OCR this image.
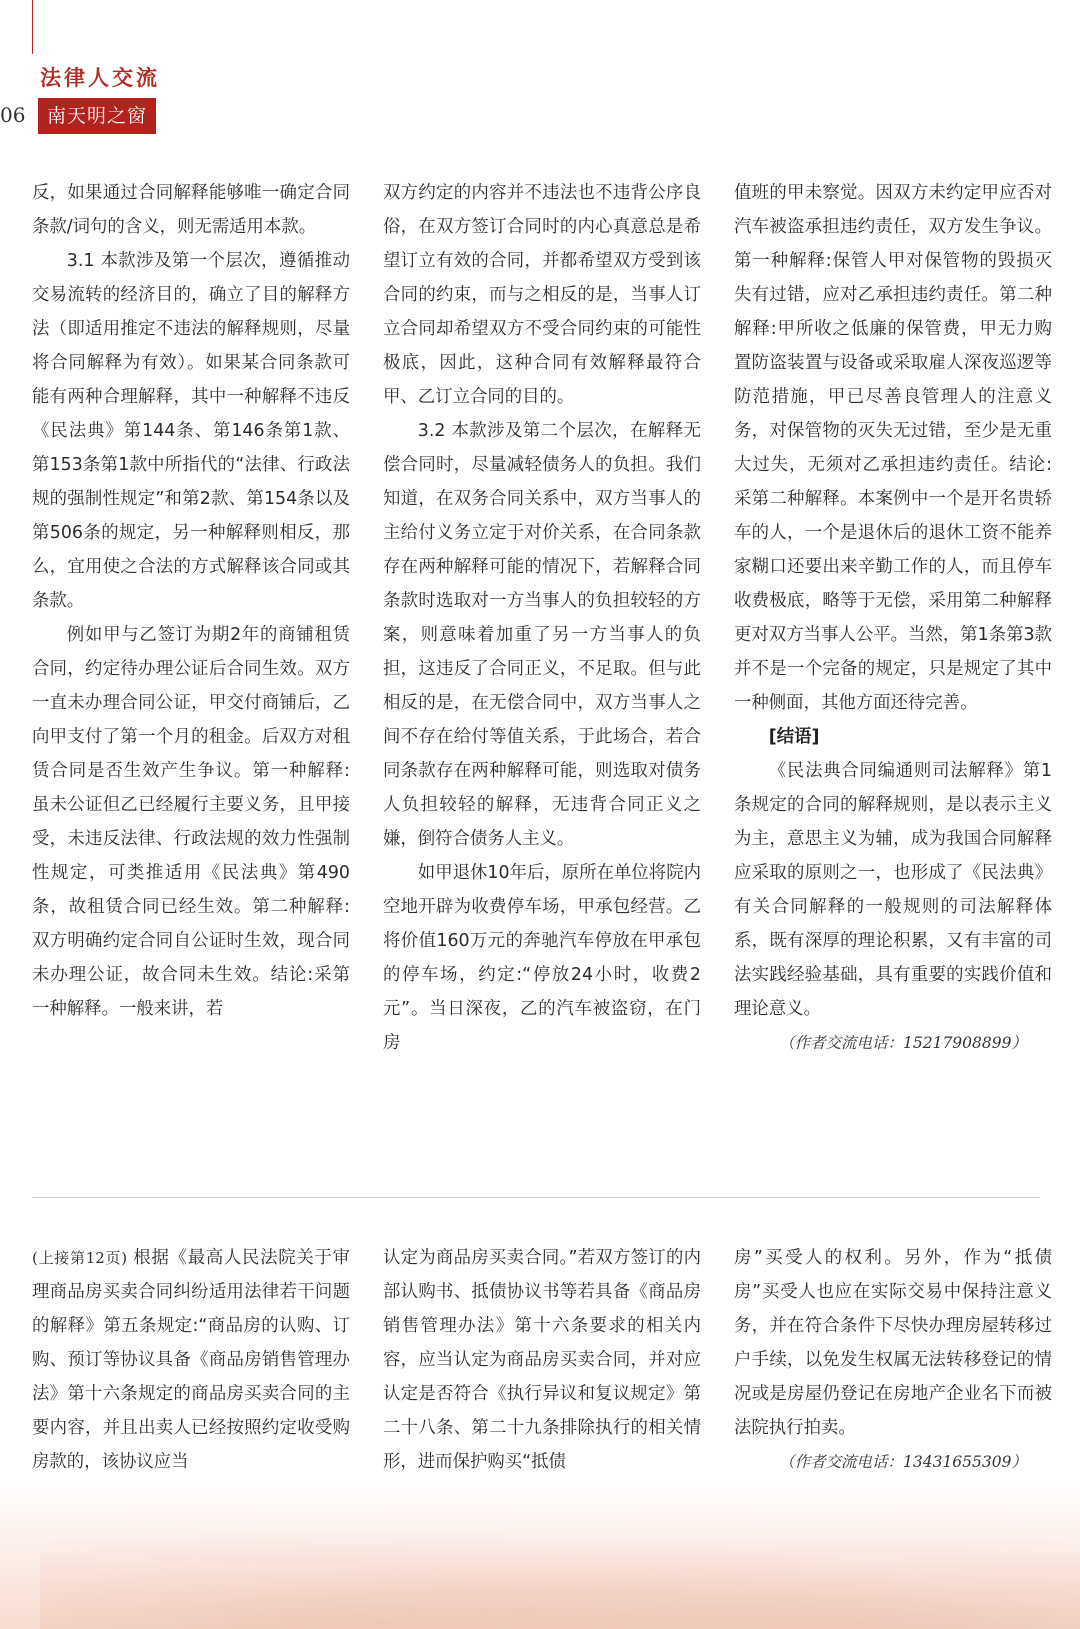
06
法律人交流
南天明之窗

反，如果通过合同解释能够唯一确定合同条款/词句的含义，则无需适用本款。

3.1 本款涉及第一个层次，遵循推动交易流转的经济目的，确立了目的解释方法（即适用推定不违法的解释规则，尽量将合同解释为有效）。如果某合同条款可能有两种合理解释，其中一种解释不违反《民法典》第144条、第146条第1款、第153条第1款中所指代的“法律、行政法规的强制性规定”和第2款、第154条以及第506条的规定，另一种解释则相反，那么，宜用使之合法的方式解释该合同或其条款。

例如甲与乙签订为期2年的商铺租赁合同，约定待办理公证后合同生效。双方一直未办理合同公证，甲交付商铺后，乙向甲支付了第一个月的租金。后双方对租赁合同是否生效产生争议。第一种解释:虽未公证但乙已经履行主要义务，且甲接受，未违反法律、行政法规的效力性强制性规定，可类推适用《民法典》第490条，故租赁合同已经生效。第二种解释:双方明确约定合同自公证时生效，现合同未办理公证，故合同未生效。结论:采第一种解释。一般来讲，若

双方约定的内容并不违法也不违背公序良俗，在双方签订合同时的内心真意总是希望订立有效的合同，并都希望双方受到该合同的约束，而与之相反的是，当事人订立合同却希望双方不受合同约束的可能性极底，因此，这种合同有效解释最符合甲、乙订立合同的目的。

3.2 本款涉及第二个层次，在解释无偿合同时，尽量减轻债务人的负担。我们知道，在双务合同关系中，双方当事人的主给付义务立定于对价关系，在合同条款存在两种解释可能的情况下，若解释合同条款时选取对一方当事人的负担较轻的方案，则意味着加重了另一方当事人的负担，这违反了合同正义，不足取。但与此相反的是，在无偿合同中，双方当事人之间不存在给付等值关系，于此场合，若合同条款存在两种解释可能，则选取对债务人负担较轻的解释，无违背合同正义之嫌，倒符合债务人主义。

如甲退休10年后，原所在单位将院内空地开辟为收费停车场，甲承包经营。乙将价值160万元的奔驰汽车停放在甲承包的停车场，约定:“停放24小时，收费2元”。当日深夜，乙的汽车被盗窃，在门房

值班的甲未察觉。因双方未约定甲应否对汽车被盗承担违约责任，双方发生争议。第一种解释:保管人甲对保管物的毁损灭失有过错，应对乙承担违约责任。第二种解释:甲所收之低廉的保管费，甲无力购置防盗装置与设备或采取雇人深夜巡逻等防范措施，甲已尽善良管理人的注意义务，对保管物的灭失无过错，至少是无重大过失，无须对乙承担违约责任。结论:采第二种解释。本案例中一个是开名贵轿车的人，一个是退休后的退休工资不能养家糊口还要出来辛勤工作的人，而且停车收费极底，略等于无偿，采用第二种解释更对双方当事人公平。当然，第1条第3款并不是一个完备的规定，只是规定了其中一种侧面，其他方面还待完善。

[结语]

《民法典合同编通则司法解释》第1条规定的合同的解释规则，是以表示主义为主，意思主义为辅，成为我国合同解释应采取的原则之一，也形成了《民法典》有关合同解释的一般规则的司法解释体系，既有深厚的理论积累，又有丰富的司法实践经验基础，具有重要的实践价值和理论意义。

（作者交流电话：15217908899）

(上接第12页) 根据《最高人民法院关于审理商品房买卖合同纠纷适用法律若干问题的解释》第五条规定:“商品房的认购、订购、预订等协议具备《商品房销售管理办法》第十六条规定的商品房买卖合同的主要内容，并且出卖人已经按照约定收受购房款的，该协议应当

认定为商品房买卖合同。”若双方签订的内部认购书、抵债协议书等若具备《商品房销售管理办法》第十六条要求的相关内容，应当认定为商品房买卖合同，并对应认定是否符合《执行异议和复议规定》第二十八条、第二十九条排除执行的相关情形，进而保护购买“抵债

房”买受人的权利。另外，作为“抵债房”买受人也应在实际交易中保持注意义务，并在符合条件下尽快办理房屋转移过户手续，以免发生权属无法转移登记的情况或是房屋仍登记在房地产企业名下而被法院执行拍卖。

（作者交流电话：13431655309）
